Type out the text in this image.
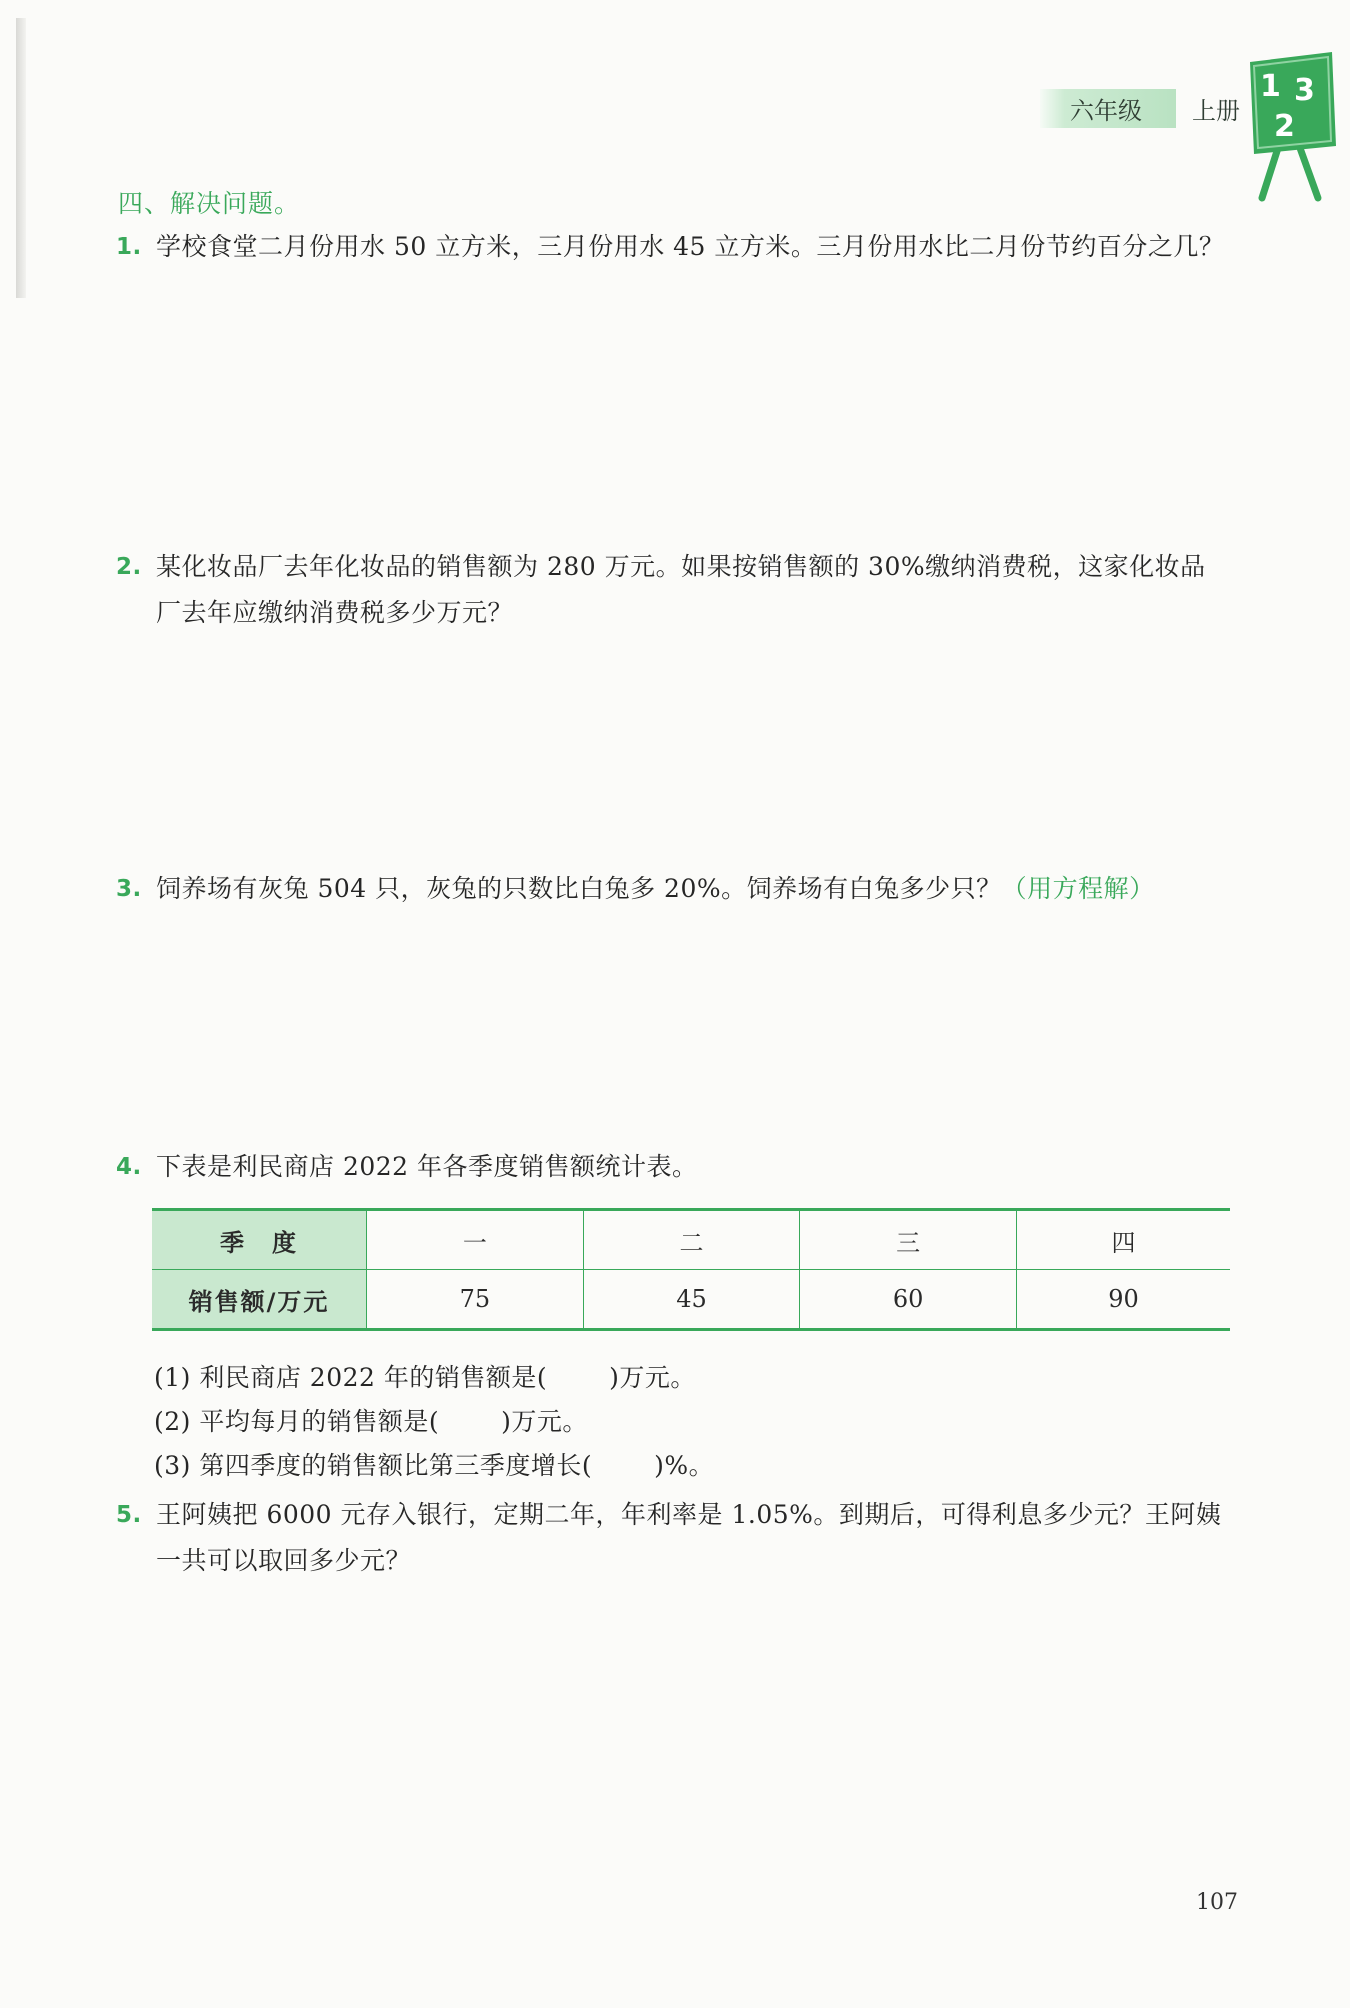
六年级	上册
1 3
2
四、解决问题。
1. 学校食堂二月份用水 50 立方米，三月份用水 45 立方米。三月份用水比二月份节约百分之几？
2. 某化妆品厂去年化妆品的销售额为 280 万元。如果按销售额的 30%缴纳消费税，这家化妆品厂去年应缴纳消费税多少万元？
3. 饲养场有灰兔 504 只，灰兔的只数比白兔多 20%。饲养场有白兔多少只？（用方程解）
4. 下表是利民商店 2022 年各季度销售额统计表。
季　度	一	二	三	四
销售额/万元	75	45	60	90
(1) 利民商店 2022 年的销售额是( )万元。
(2) 平均每月的销售额是( )万元。
(3) 第四季度的销售额比第三季度增长( )%。
5. 王阿姨把 6000 元存入银行，定期二年，年利率是 1.05%。到期后，可得利息多少元？王阿姨一共可以取回多少元？
107
